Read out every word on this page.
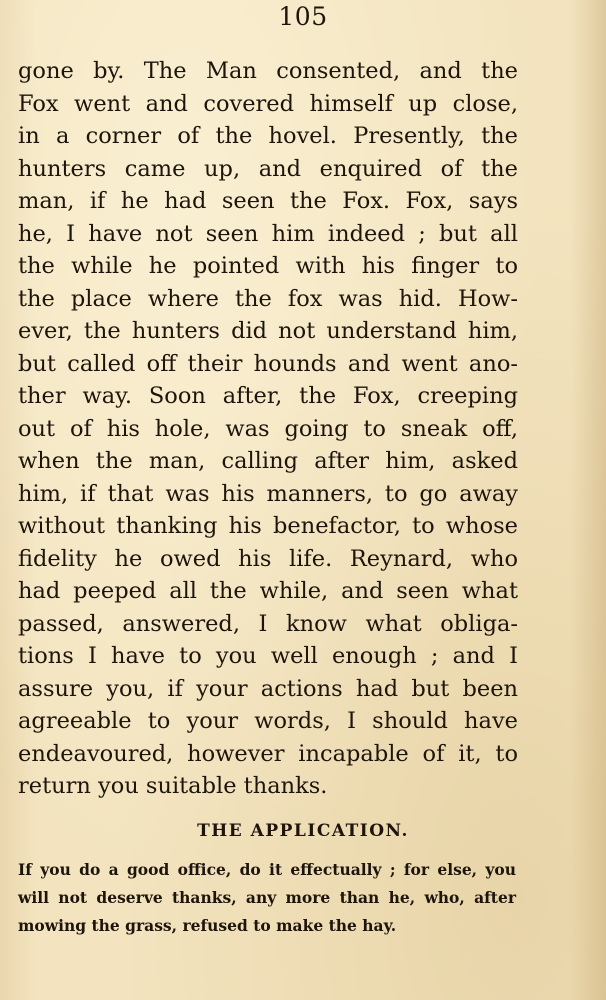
105
gone by. The Man consented, and the
Fox went and covered himself up close,
in a corner of the hovel. Presently, the
hunters came up, and enquired of the
man, if he had seen the Fox. Fox, says
he, I have not seen him indeed ; but all
the while he pointed with his finger to
the place where the fox was hid. How-
ever, the hunters did not understand him,
but called off their hounds and went ano-
ther way. Soon after, the Fox, creeping
out of his hole, was going to sneak off,
when the man, calling after him, asked
him, if that was his manners, to go away
without thanking his benefactor, to whose
fidelity he owed his life. Reynard, who
had peeped all the while, and seen what
passed, answered, I know what obliga-
tions I have to you well enough ; and I
assure you, if your actions had but been
agreeable to your words, I should have
endeavoured, however incapable of it, to
return you suitable thanks.
THE APPLICATION.
If you do a good office, do it effectually ; for else, you
will not deserve thanks, any more than he, who, after
mowing the grass, refused to make the hay.
